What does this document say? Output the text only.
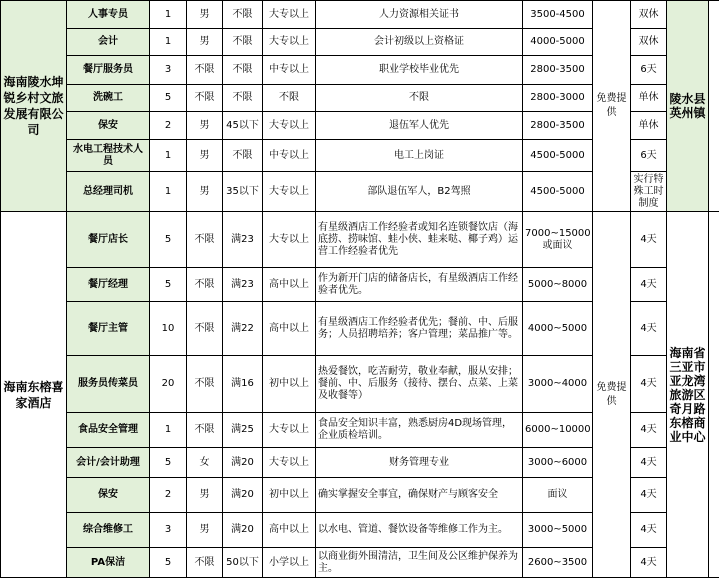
海南陵水坤锐乡村文旅发展有限公司	人事专员	1	男	不限	大专以上	人力资源相关证书	3500-4500	免费提供	双休	陵水县英州镇	
	会计	1	男	不限	大专以上	会计初级以上资格证	4000-5000		双休		
	餐厅服务员	3	不限	不限	中专以上	职业学校毕业优先	2800-3500		6天		
	洗碗工	5	不限	不限	不限	不限	2800-3000		单休		
	保安	2	男	45以下	大专以上	退伍军人优先	2800-3500		单休		
	水电工程技术人员	1	男	不限	中专以上	电工上岗证	4500-5000		6天		
	总经理司机	1	男	35以下	大专以上	部队退伍军人，B2驾照	4500-5000		实行特殊工时制度		
海南东榕喜家酒店	餐厅店长	5	不限	满23	大专以上	有星级酒店工作经验者或知名连锁餐饮店（海底捞、捞味馆、蛙小侠、蛙来哒、椰子鸡）运营工作经验者优先	7000~15000或面议	免费提供	4天	海南省三亚市亚龙湾旅游区奇月路东榕商业中心	
	餐厅经理	5	不限	满23	高中以上	作为新开门店的储备店长，有星级酒店工作经验者优先。	5000~8000		4天		
	餐厅主管	10	不限	满22	高中以上	有星级酒店工作经验者优先；餐前、中、后服务；人员招聘培养；客户管理；菜品推广等。	4000~5000		4天		
	服务员传菜员	20	不限	满16	初中以上	热爱餐饮，吃苦耐劳，敬业奉献，服从安排；餐前、中、后服务（接待、摆台、点菜、上菜及收餐等）	3000~4000		4天		
	食品安全管理	1	不限	满25	大专以上	食品安全知识丰富，熟悉厨房4D现场管理，企业质检培训。	6000~10000		4天		
	会计/会计助理	5	女	满20	大专以上	财务管理专业	3000~6000		4天		
	保安	2	男	满20	初中以上	确实掌握安全事宜，确保财产与顾客安全	面议		4天		
	综合维修工	3	男	满20	高中以上	以水电、管道、餐饮设备等维修工作为主。	3000~5000		4天		
	PA保洁	5	不限	50以下	小学以上	以商业街外围清洁，卫生间及公区维护保养为主。	2600~3500		4天		
